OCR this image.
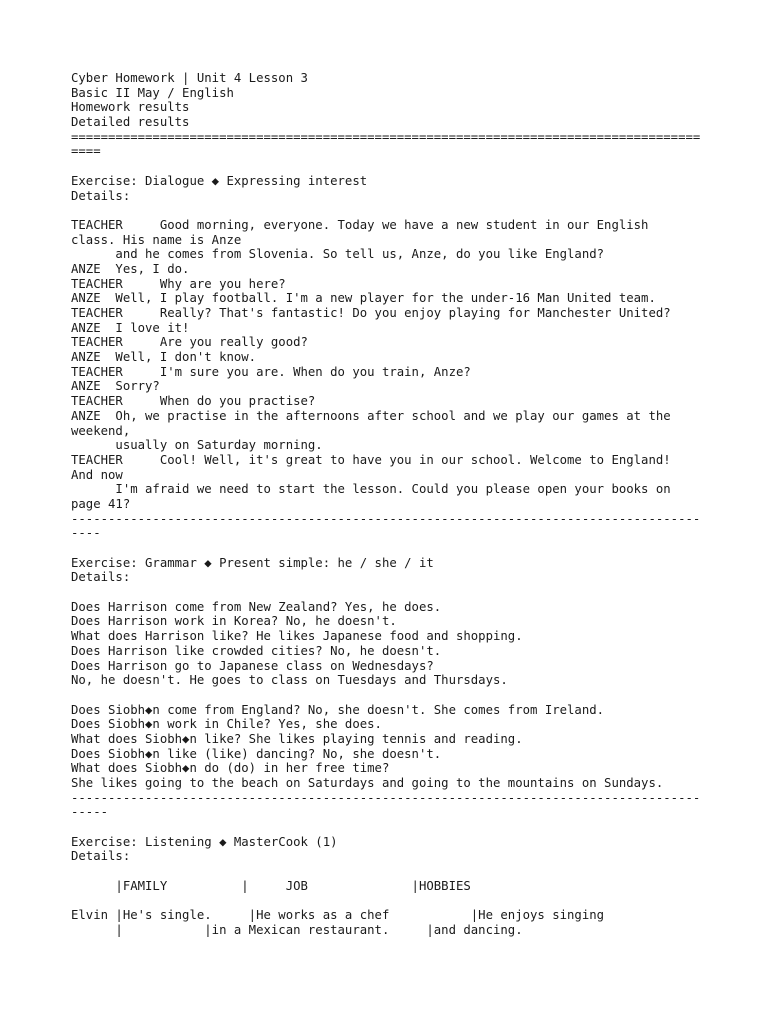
Cyber Homework | Unit 4 Lesson 3
Basic II May / English
Homework results
Detailed results
=====================================================================================
====
Exercise: Dialogue ◆ Expressing interest
Details:
TEACHER     Good morning, everyone. Today we have a new student in our English
class. His name is Anze
and he comes from Slovenia. So tell us, Anze, do you like England?
ANZE  Yes, I do.
TEACHER     Why are you here?
ANZE  Well, I play football. I'm a new player for the under-16 Man United team.
TEACHER     Really? That's fantastic! Do you enjoy playing for Manchester United?
ANZE  I love it!
TEACHER     Are you really good?
ANZE  Well, I don't know.
TEACHER     I'm sure you are. When do you train, Anze?
ANZE  Sorry?
TEACHER     When do you practise?
ANZE  Oh, we practise in the afternoons after school and we play our games at the
weekend,
usually on Saturday morning.
TEACHER     Cool! Well, it's great to have you in our school. Welcome to England!
And now
I'm afraid we need to start the lesson. Could you please open your books on
page 41?
-------------------------------------------------------------------------------------
----
Exercise: Grammar ◆ Present simple: he / she / it
Details:
Does Harrison come from New Zealand? Yes, he does.
Does Harrison work in Korea? No, he doesn't.
What does Harrison like? He likes Japanese food and shopping.
Does Harrison like crowded cities? No, he doesn't.
Does Harrison go to Japanese class on Wednesdays?
No, he doesn't. He goes to class on Tuesdays and Thursdays.
Does Siobh◆n come from England? No, she doesn't. She comes from Ireland.
Does Siobh◆n work in Chile? Yes, she does.
What does Siobh◆n like? She likes playing tennis and reading.
Does Siobh◆n like (like) dancing? No, she doesn't.
What does Siobh◆n do (do) in her free time?
She likes going to the beach on Saturdays and going to the mountains on Sundays.
-------------------------------------------------------------------------------------
-----
Exercise: Listening ◆ MasterCook (1)
Details:
|FAMILY          |     JOB              |HOBBIES
Elvin |He's single.     |He works as a chef           |He enjoys singing
|           |in a Mexican restaurant.     |and dancing.
